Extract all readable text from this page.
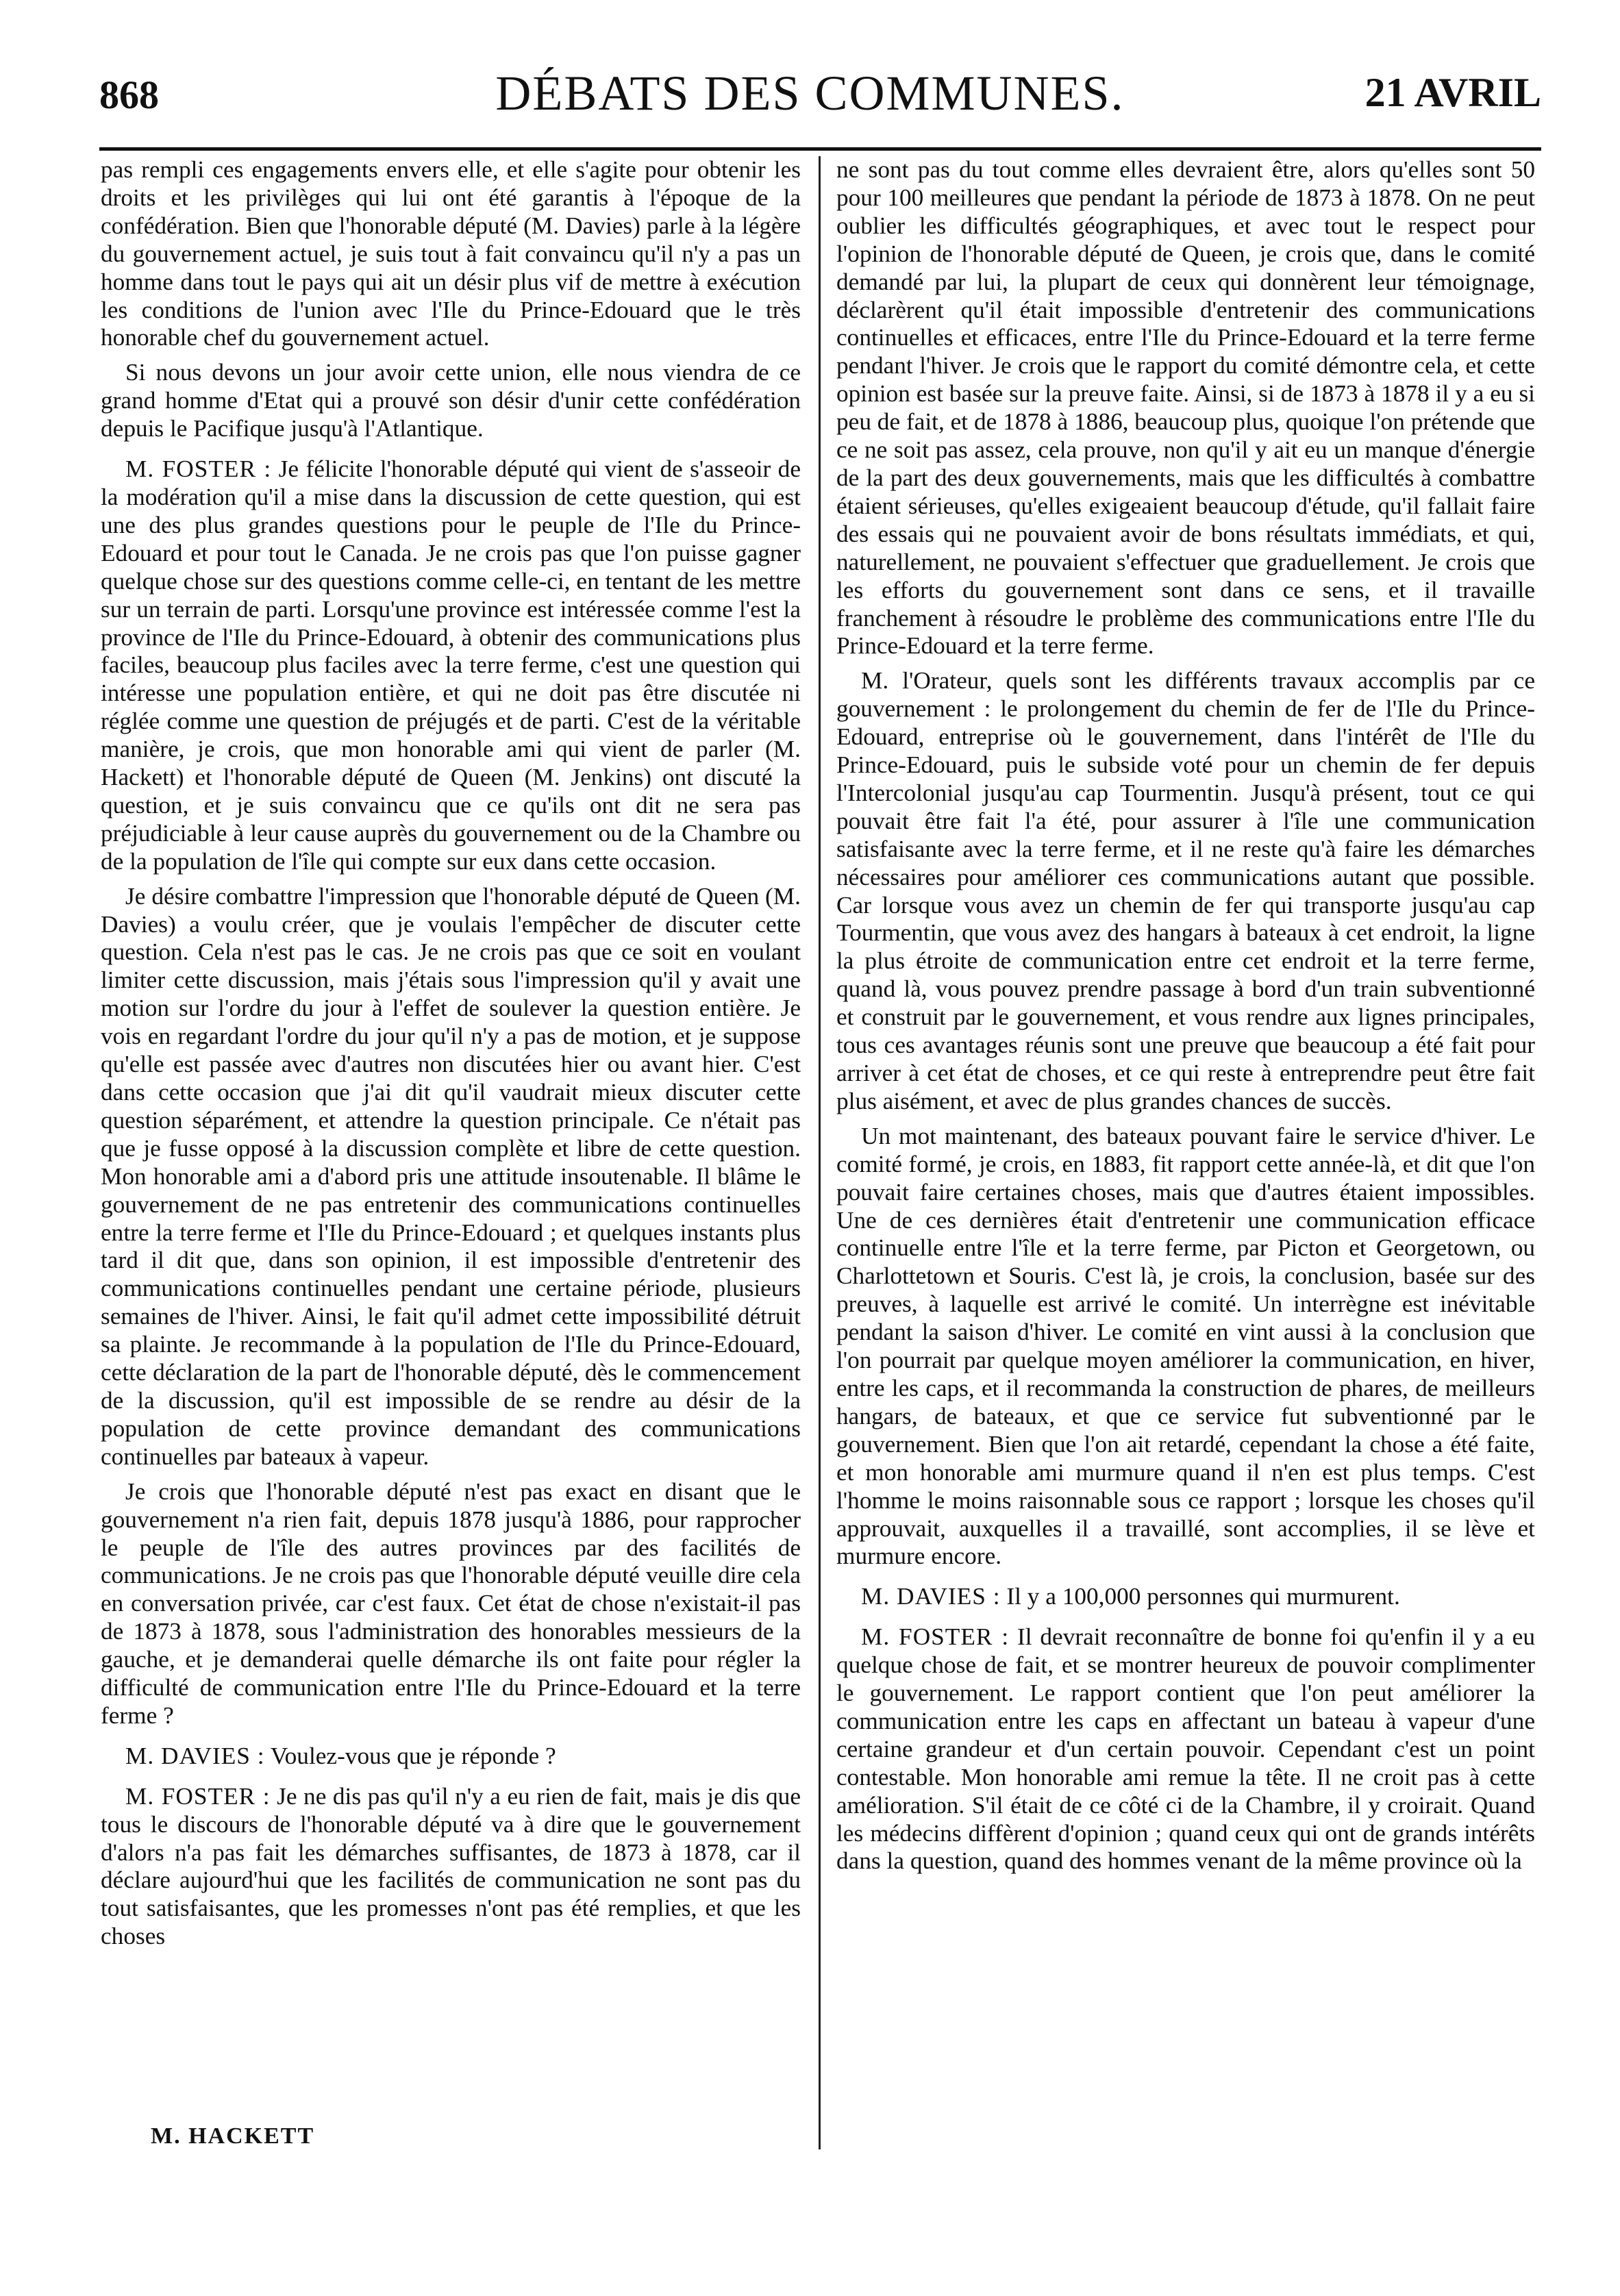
868	DÉBATS DES COMMUNES.	21 AVRIL

pas rempli ces engagements envers elle, et elle s'agite pour obtenir les droits et les privilèges qui lui ont été garantis à l'époque de la confédération. Bien que l'honorable député (M. Davies) parle à la légère du gouvernement actuel, je suis tout à fait convaincu qu'il n'y a pas un homme dans tout le pays qui ait un désir plus vif de mettre à exécution les conditions de l'union avec l'Ile du Prince-Edouard que le très honorable chef du gouvernement actuel.

Si nous devons un jour avoir cette union, elle nous viendra de ce grand homme d'Etat qui a prouvé son désir d'unir cette confédération depuis le Pacifique jusqu'à l'Atlantique.

M. FOSTER : Je félicite l'honorable député qui vient de s'asseoir de la modération qu'il a mise dans la discussion de cette question, qui est une des plus grandes questions pour le peuple de l'Ile du Prince-Edouard et pour tout le Canada. Je ne crois pas que l'on puisse gagner quelque chose sur des questions comme celle-ci, en tentant de les mettre sur un terrain de parti. Lorsqu'une province est intéressée comme l'est la province de l'Ile du Prince-Edouard, à obtenir des communications plus faciles, beaucoup plus faciles avec la terre ferme, c'est une question qui intéresse une population entière, et qui ne doit pas être discutée ni réglée comme une question de préjugés et de parti. C'est de la véritable manière, je crois, que mon honorable ami qui vient de parler (M. Hackett) et l'honorable député de Queen (M. Jenkins) ont discuté la question, et je suis convaincu que ce qu'ils ont dit ne sera pas préjudiciable à leur cause auprès du gouvernement ou de la Chambre ou de la population de l'île qui compte sur eux dans cette occasion.

Je désire combattre l'impression que l'honorable député de Queen (M. Davies) a voulu créer, que je voulais l'empêcher de discuter cette question. Cela n'est pas le cas. Je ne crois pas que ce soit en voulant limiter cette discussion, mais j'étais sous l'impression qu'il y avait une motion sur l'ordre du jour à l'effet de soulever la question entière. Je vois en regardant l'ordre du jour qu'il n'y a pas de motion, et je suppose qu'elle est passée avec d'autres non discutées hier ou avant hier. C'est dans cette occasion que j'ai dit qu'il vaudrait mieux discuter cette question séparément, et attendre la question principale. Ce n'était pas que je fusse opposé à la discussion complète et libre de cette question. Mon honorable ami a d'abord pris une attitude insoutenable. Il blâme le gouvernement de ne pas entretenir des communications continuelles entre la terre ferme et l'Ile du Prince-Edouard ; et quelques instants plus tard il dit que, dans son opinion, il est impossible d'entretenir des communications continuelles pendant une certaine période, plusieurs semaines de l'hiver. Ainsi, le fait qu'il admet cette impossibilité détruit sa plainte. Je recommande à la population de l'Ile du Prince-Edouard, cette déclaration de la part de l'honorable député, dès le commencement de la discussion, qu'il est impossible de se rendre au désir de la population de cette province demandant des communications continuelles par bateaux à vapeur.

Je crois que l'honorable député n'est pas exact en disant que le gouvernement n'a rien fait, depuis 1878 jusqu'à 1886, pour rapprocher le peuple de l'île des autres provinces par des facilités de communications. Je ne crois pas que l'honorable député veuille dire cela en conversation privée, car c'est faux. Cet état de chose n'existait-il pas de 1873 à 1878, sous l'administration des honorables messieurs de la gauche, et je demanderai quelle démarche ils ont faite pour régler la difficulté de communication entre l'Ile du Prince-Edouard et la terre ferme ?

M. DAVIES : Voulez-vous que je réponde ?

M. FOSTER : Je ne dis pas qu'il n'y a eu rien de fait, mais je dis que tous le discours de l'honorable député va à dire que le gouvernement d'alors n'a pas fait les démarches suffisantes, de 1873 à 1878, car il déclare aujourd'hui que les facilités de communication ne sont pas du tout satisfaisantes, que les promesses n'ont pas été remplies, et que les choses

ne sont pas du tout comme elles devraient être, alors qu'elles sont 50 pour 100 meilleures que pendant la période de 1873 à 1878. On ne peut oublier les difficultés géographiques, et avec tout le respect pour l'opinion de l'honorable député de Queen, je crois que, dans le comité demandé par lui, la plupart de ceux qui donnèrent leur témoignage, déclarèrent qu'il était impossible d'entretenir des communications continuelles et efficaces, entre l'Ile du Prince-Edouard et la terre ferme pendant l'hiver. Je crois que le rapport du comité démontre cela, et cette opinion est basée sur la preuve faite. Ainsi, si de 1873 à 1878 il y a eu si peu de fait, et de 1878 à 1886, beaucoup plus, quoique l'on prétende que ce ne soit pas assez, cela prouve, non qu'il y ait eu un manque d'énergie de la part des deux gouvernements, mais que les difficultés à combattre étaient sérieuses, qu'elles exigeaient beaucoup d'étude, qu'il fallait faire des essais qui ne pouvaient avoir de bons résultats immédiats, et qui, naturellement, ne pouvaient s'effectuer que graduellement. Je crois que les efforts du gouvernement sont dans ce sens, et il travaille franchement à résoudre le problème des communications entre l'Ile du Prince-Edouard et la terre ferme.

M. l'Orateur, quels sont les différents travaux accomplis par ce gouvernement : le prolongement du chemin de fer de l'Ile du Prince-Edouard, entreprise où le gouvernement, dans l'intérêt de l'Ile du Prince-Edouard, puis le subside voté pour un chemin de fer depuis l'Intercolonial jusqu'au cap Tourmentin. Jusqu'à présent, tout ce qui pouvait être fait l'a été, pour assurer à l'île une communication satisfaisante avec la terre ferme, et il ne reste qu'à faire les démarches nécessaires pour améliorer ces communications autant que possible. Car lorsque vous avez un chemin de fer qui transporte jusqu'au cap Tourmentin, que vous avez des hangars à bateaux à cet endroit, la ligne la plus étroite de communication entre cet endroit et la terre ferme, quand là, vous pouvez prendre passage à bord d'un train subventionné et construit par le gouvernement, et vous rendre aux lignes principales, tous ces avantages réunis sont une preuve que beaucoup a été fait pour arriver à cet état de choses, et ce qui reste à entreprendre peut être fait plus aisément, et avec de plus grandes chances de succès.

Un mot maintenant, des bateaux pouvant faire le service d'hiver. Le comité formé, je crois, en 1883, fit rapport cette année-là, et dit que l'on pouvait faire certaines choses, mais que d'autres étaient impossibles. Une de ces dernières était d'entretenir une communication efficace continuelle entre l'île et la terre ferme, par Picton et Georgetown, ou Charlottetown et Souris. C'est là, je crois, la conclusion, basée sur des preuves, à laquelle est arrivé le comité. Un interrègne est inévitable pendant la saison d'hiver. Le comité en vint aussi à la conclusion que l'on pourrait par quelque moyen améliorer la communication, en hiver, entre les caps, et il recommanda la construction de phares, de meilleurs hangars, de bateaux, et que ce service fut subventionné par le gouvernement. Bien que l'on ait retardé, cependant la chose a été faite, et mon honorable ami murmure quand il n'en est plus temps. C'est l'homme le moins raisonnable sous ce rapport ; lorsque les choses qu'il approuvait, auxquelles il a travaillé, sont accomplies, il se lève et murmure encore.

M. DAVIES : Il y a 100,000 personnes qui murmurent.

M. FOSTER : Il devrait reconnaître de bonne foi qu'enfin il y a eu quelque chose de fait, et se montrer heureux de pouvoir complimenter le gouvernement. Le rapport contient que l'on peut améliorer la communication entre les caps en affectant un bateau à vapeur d'une certaine grandeur et d'un certain pouvoir. Cependant c'est un point contestable. Mon honorable ami remue la tête. Il ne croit pas à cette amélioration. S'il était de ce côté ci de la Chambre, il y croirait. Quand les médecins diffèrent d'opinion ; quand ceux qui ont de grands intérêts dans la question, quand des hommes venant de la même province où la

M. HACKETT
